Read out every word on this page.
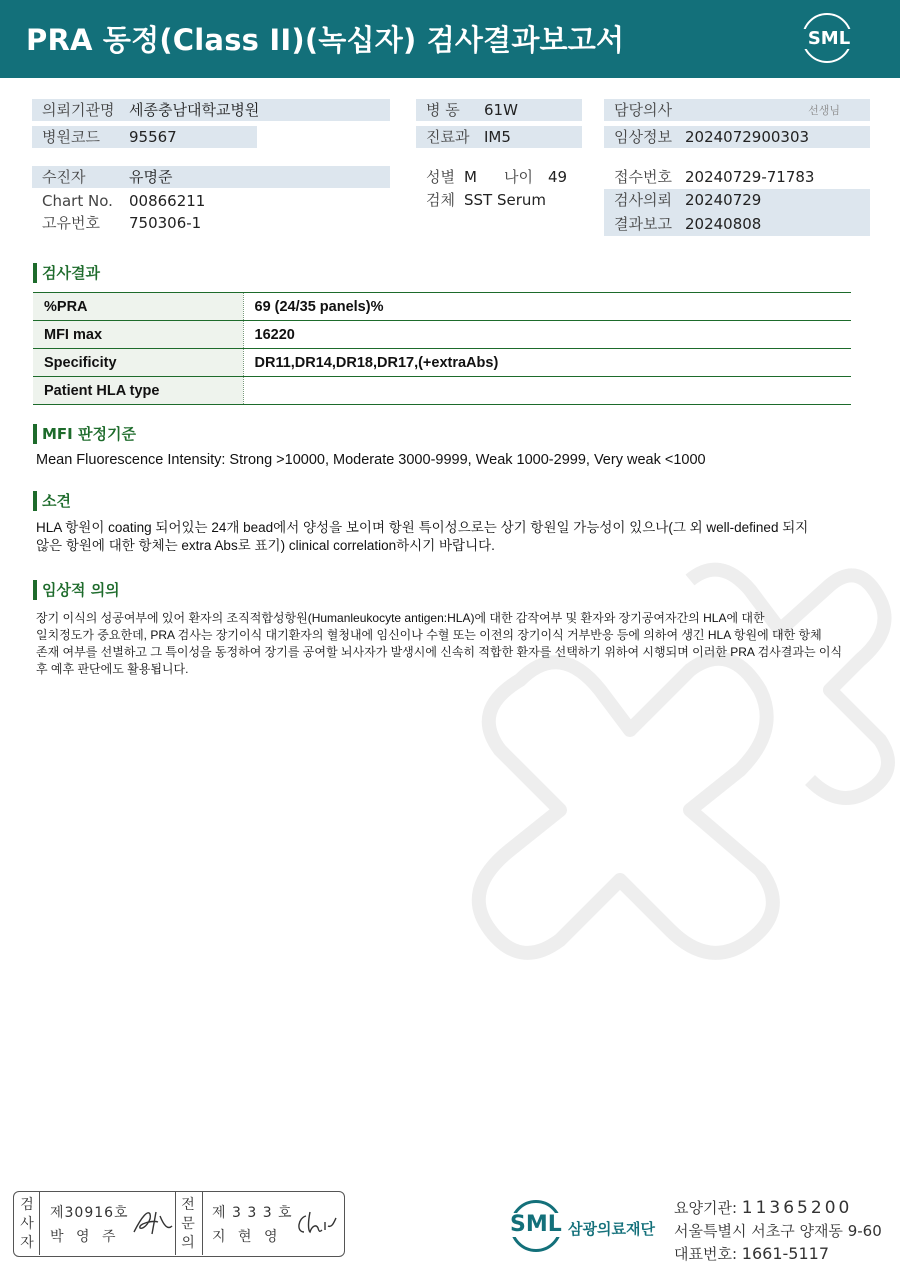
PRA 동정(Class II)(녹십자) 검사결과보고서	SML
의뢰기관명 세종충남대학교병원
병원코드 95567
수진자	유명준
Chart No. 00866211
고유번호 750306-1
병 동 61W
진료과 IM5
성별 M 나이 49
검체 SST Serum
담당의사	선생님
임상정보 2024072900303
접수번호 20240729-71783
검사의뢰 20240729
결과보고 20240808
검사결과
%PRA	69 (24/35 panels)%
MFI max	16220
Specificity	DR11,DR14,DR18,DR17,(+extraAbs)
Patient HLA type	
MFI 판정기준
Mean Fluorescence Intensity: Strong >10000, Moderate 3000-9999, Weak 1000-2999, Very weak <1000
소견
HLA 항원이 coating 되어있는 24개 bead에서 양성을 보이며 항원 특이성으로는 상기 항원일 가능성이 있으나(그 외 well-defined 되지
않은 항원에 대한 항체는 extra Abs로 표기) clinical correlation하시기 바랍니다.
임상적 의의
장기 이식의 성공여부에 있어 환자의 조직적합성항원(Humanleukocyte antigen:HLA)에 대한 감작여부 및 환자와 장기공여자간의 HLA에 대한
일치정도가 중요한데, PRA 검사는 장기이식 대기환자의 혈청내에 임신이나 수혈 또는 이전의 장기이식 거부반응 등에 의하여 생긴 HLA 항원에 대한 항체
존재 여부를 선별하고 그 특이성을 동정하여 장기를 공여할 뇌사자가 발생시에 신속히 적합한 환자를 선택하기 위하여 시행되며 이러한 PRA 검사결과는 이식
후 예후 판단에도 활용됩니다.
검
사
자
제30916호
박 영 주
전
문
의
제 3 3 3 호
지 현 영	SML 삼광의료재단
요양기관: 11365200
서울특별시 서초구 양재동 9-60
대표번호: 1661-5117
